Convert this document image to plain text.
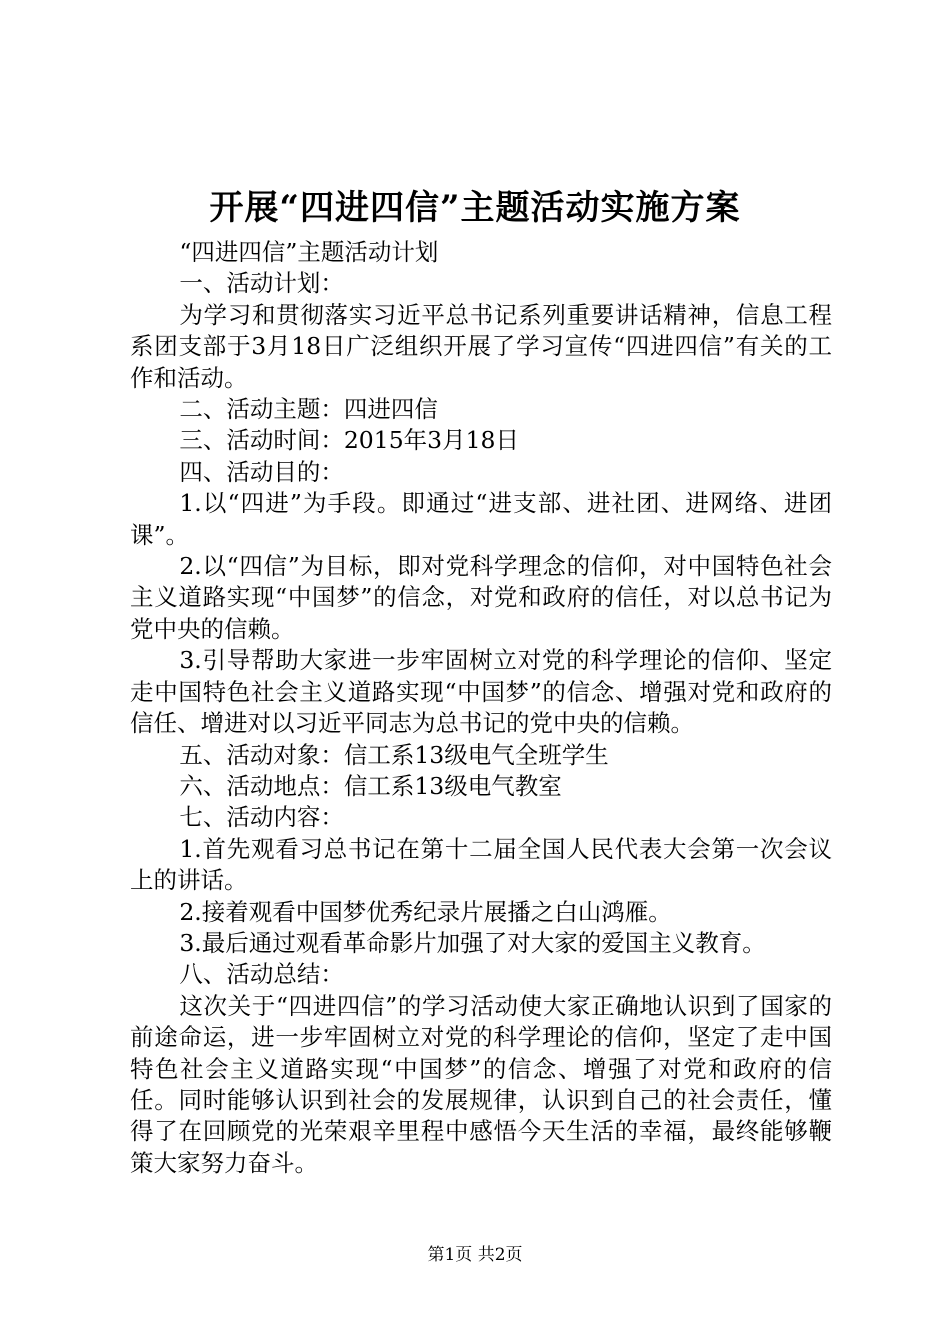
开展“四进四信”主题活动实施方案

“四进四信”主题活动计划

一、活动计划：

为学习和贯彻落实习近平总书记系列重要讲话精神，信息工程系团支部于3月18日广泛组织开展了学习宣传“四进四信”有关的工作和活动。

二、活动主题：四进四信

三、活动时间：2015年3月18日

四、活动目的：

1.以“四进”为手段。即通过“进支部、进社团、进网络、进团课”。

2.以“四信”为目标，即对党科学理念的信仰，对中国特色社会主义道路实现“中国梦”的信念，对党和政府的信任，对以总书记为党中央的信赖。

3.引导帮助大家进一步牢固树立对党的科学理论的信仰、坚定走中国特色社会主义道路实现“中国梦”的信念、增强对党和政府的信任、增进对以习近平同志为总书记的党中央的信赖。

五、活动对象：信工系13级电气全班学生

六、活动地点：信工系13级电气教室

七、活动内容：

1.首先观看习总书记在第十二届全国人民代表大会第一次会议上的讲话。

2.接着观看中国梦优秀纪录片展播之白山鸿雁。

3.最后通过观看革命影片加强了对大家的爱国主义教育。

八、活动总结：

这次关于“四进四信”的学习活动使大家正确地认识到了国家的前途命运，进一步牢固树立对党的科学理论的信仰，坚定了走中国特色社会主义道路实现“中国梦”的信念、增强了对党和政府的信任。同时能够认识到社会的发展规律，认识到自己的社会责任，懂得了在回顾党的光荣艰辛里程中感悟今天生活的幸福，最终能够鞭策大家努力奋斗。

第1页 共2页
